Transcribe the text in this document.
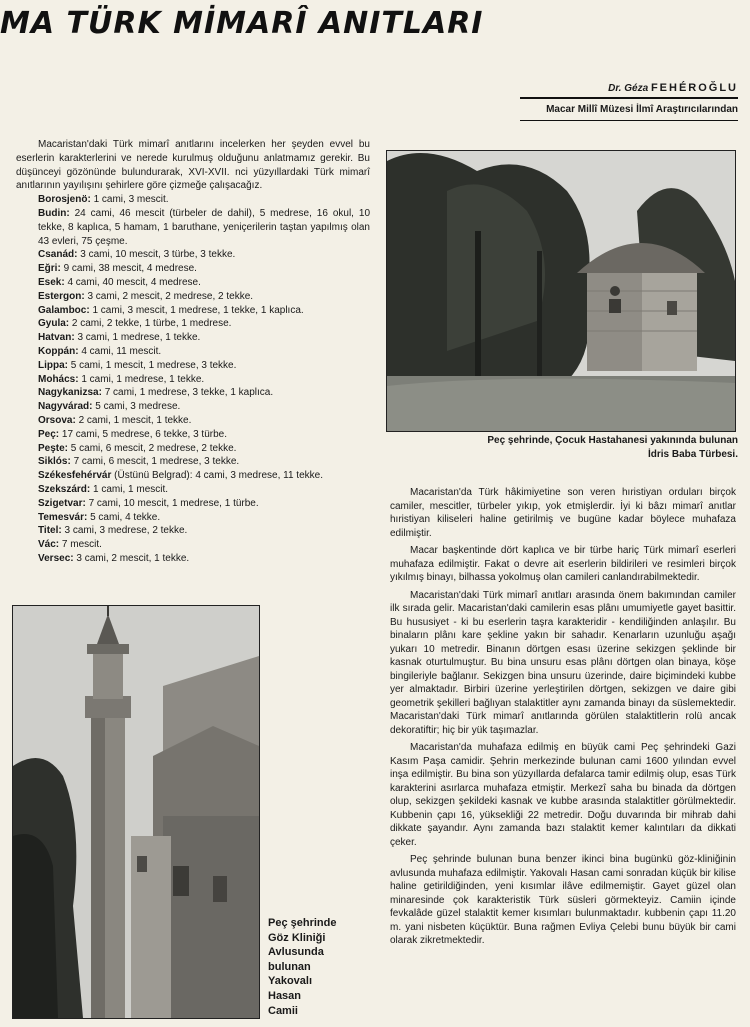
MA TÜRK MİMARÎ ANITLARI
Dr. Géza FEHÉROĞLU
Macar Millî Müzesi İlmî Araştırıcılarından

Macaristan'daki Türk mimarî anıtlarını incelerken her şeyden evvel bu eserlerin karakterlerini ve nerede kurulmuş olduğunu anlatmamız gerekir. Bu düşünceyi gözönünde bulundurarak, XVI-XVII. nci yüzyıllardaki Türk mimarî anıtlarının yayılışını şehirlere göre çizmeğe çalışacağız.

Borosjenö: 1 cami, 3 mescit.
Budin: 24 cami, 46 mescit (türbeler de dahil), 5 medrese, 16 okul, 10 tekke, 8 kaplıca, 5 hamam, 1 baruthane, yeniçerilerin taştan yapılmış olan 43 evleri, 75 çeşme.
Csanád: 3 cami, 10 mescit, 3 türbe, 3 tekke.
Eğri: 9 cami, 38 mescit, 4 medrese.
Esek: 4 cami, 40 mescit, 4 medrese.
Estergon: 3 cami, 2 mescit, 2 medrese, 2 tekke.
Galamboc: 1 cami, 3 mescit, 1 medrese, 1 tekke, 1 kaplıca.
Gyula: 2 cami, 2 tekke, 1 türbe, 1 medrese.
Hatvan: 3 cami, 1 medrese, 1 tekke.
Koppán: 4 cami, 11 mescit.
Lippa: 5 cami, 1 mescit, 1 medrese, 3 tekke.
Mohács: 1 cami, 1 medrese, 1 tekke.
Nagykanizsa: 7 cami, 1 medrese, 3 tekke, 1 kaplıca.
Nagyvárad: 5 cami, 3 medrese.
Orsova: 2 cami, 1 mescit, 1 tekke.
Peç: 17 cami, 5 medrese, 6 tekke, 3 türbe.
Peşte: 5 cami, 6 mescit, 2 medrese, 2 tekke.
Siklós: 7 cami, 6 mescit, 1 medrese, 3 tekke.
Székesfehérvár (Üstünü Belgrad): 4 cami, 3 medrese, 11 tekke.
Szekszárd: 1 cami, 1 mescit.
Szigetvar: 7 cami, 10 mescit, 1 medrese, 1 türbe.
Temesvár: 5 cami, 4 tekke.
Titel: 3 cami, 3 medrese, 2 tekke.
Vác: 7 mescit.
Versec: 3 cami, 2 mescit, 1 tekke.

Peç şehrinde, Çocuk Hastahanesi yakınında bulunan
İdris Baba Türbesi.

Macaristan'da Türk hâkimiyetine son veren hıristiyan orduları birçok camiler, mescitler, türbeler yıkıp, yok etmişlerdir. İyi ki bâzı mimarî anıtlar hıristiyan kiliseleri haline getirilmiş ve bugüne kadar böylece muhafaza edilmiştir.

Macar başkentinde dört kaplıca ve bir türbe hariç Türk mimarî eserleri muhafaza edilmiştir. Fakat o devre ait eserlerin bildirileri ve resimleri birçok yıkılmış binayı, bilhassa yokolmuş olan camileri canlandırabilmektedir.

Macaristan'daki Türk mimarî anıtları arasında önem bakımından camiler ilk sırada gelir. Macaristan'daki camilerin esas plânı umumiyetle gayet basittir. Bu hususiyet - ki bu eserlerin taşra karakteridir - kendiliğinden anlaşılır. Bu binaların plânı kare şekline yakın bir sahadır. Kenarların uzunluğu aşağı yukarı 10 metredir. Binanın dörtgen esası üzerine sekizgen şeklinde bir kasnak oturtulmuştur. Bu bina unsuru esas plânı dörtgen olan binaya, köşe bingileriyle bağlanır. Sekizgen bina unsuru üzerinde, daire biçimindeki kubbe yer almaktadır. Birbiri üzerine yerleştirilen dörtgen, sekizgen ve daire gibi geometrik şekilleri bağlıyan stalaktitler aynı zamanda binayı da süslemektedir. Macaristan'daki Türk mimarî anıtlarında görülen stalaktitlerin rolü ancak dekoratiftir; hiç bir yük taşımazlar.

Macaristan'da muhafaza edilmiş en büyük cami Peç şehrindeki Gazi Kasım Paşa camidir. Şehrin merkezinde bulunan cami 1600 yılından evvel inşa edilmiştir. Bu bina son yüzyıllarda defalarca tamir edilmiş olup, esas Türk karakterini asırlarca muhafaza etmiştir. Merkezî saha bu binada da dörtgen olup, sekizgen şekildeki kasnak ve kubbe arasında stalaktitler görülmektedir. Kubbenin çapı 16, yüksekliği 22 metredir. Doğu duvarında bir mihrab dahi dikkate şayandır. Aynı zamanda bazı stalaktit kemer kalıntıları da dikkati çeker.

Peç şehrinde bulunan buna benzer ikinci bina bugünkü göz-kliniğinin avlusunda muhafaza edilmiştir. Yakovalı Hasan cami sonradan küçük bir kilise haline getirildiğinden, yeni kısımlar ilâve edilmemiştir. Gayet güzel olan minaresinde çok karakteristik Türk süsleri görmekteyiz. Camiin içinde fevkalâde güzel stalaktit kemer kısımları bulunmaktadır. kubbenin çapı 11.20 m. yani nisbeten küçüktür. Buna rağmen Evliya Çelebi bunu büyük bir cami olarak zikretmektedir.

Peç şehrinde
Göz Kliniği
Avlusunda
bulunan
Yakovalı
Hasan
Camii
